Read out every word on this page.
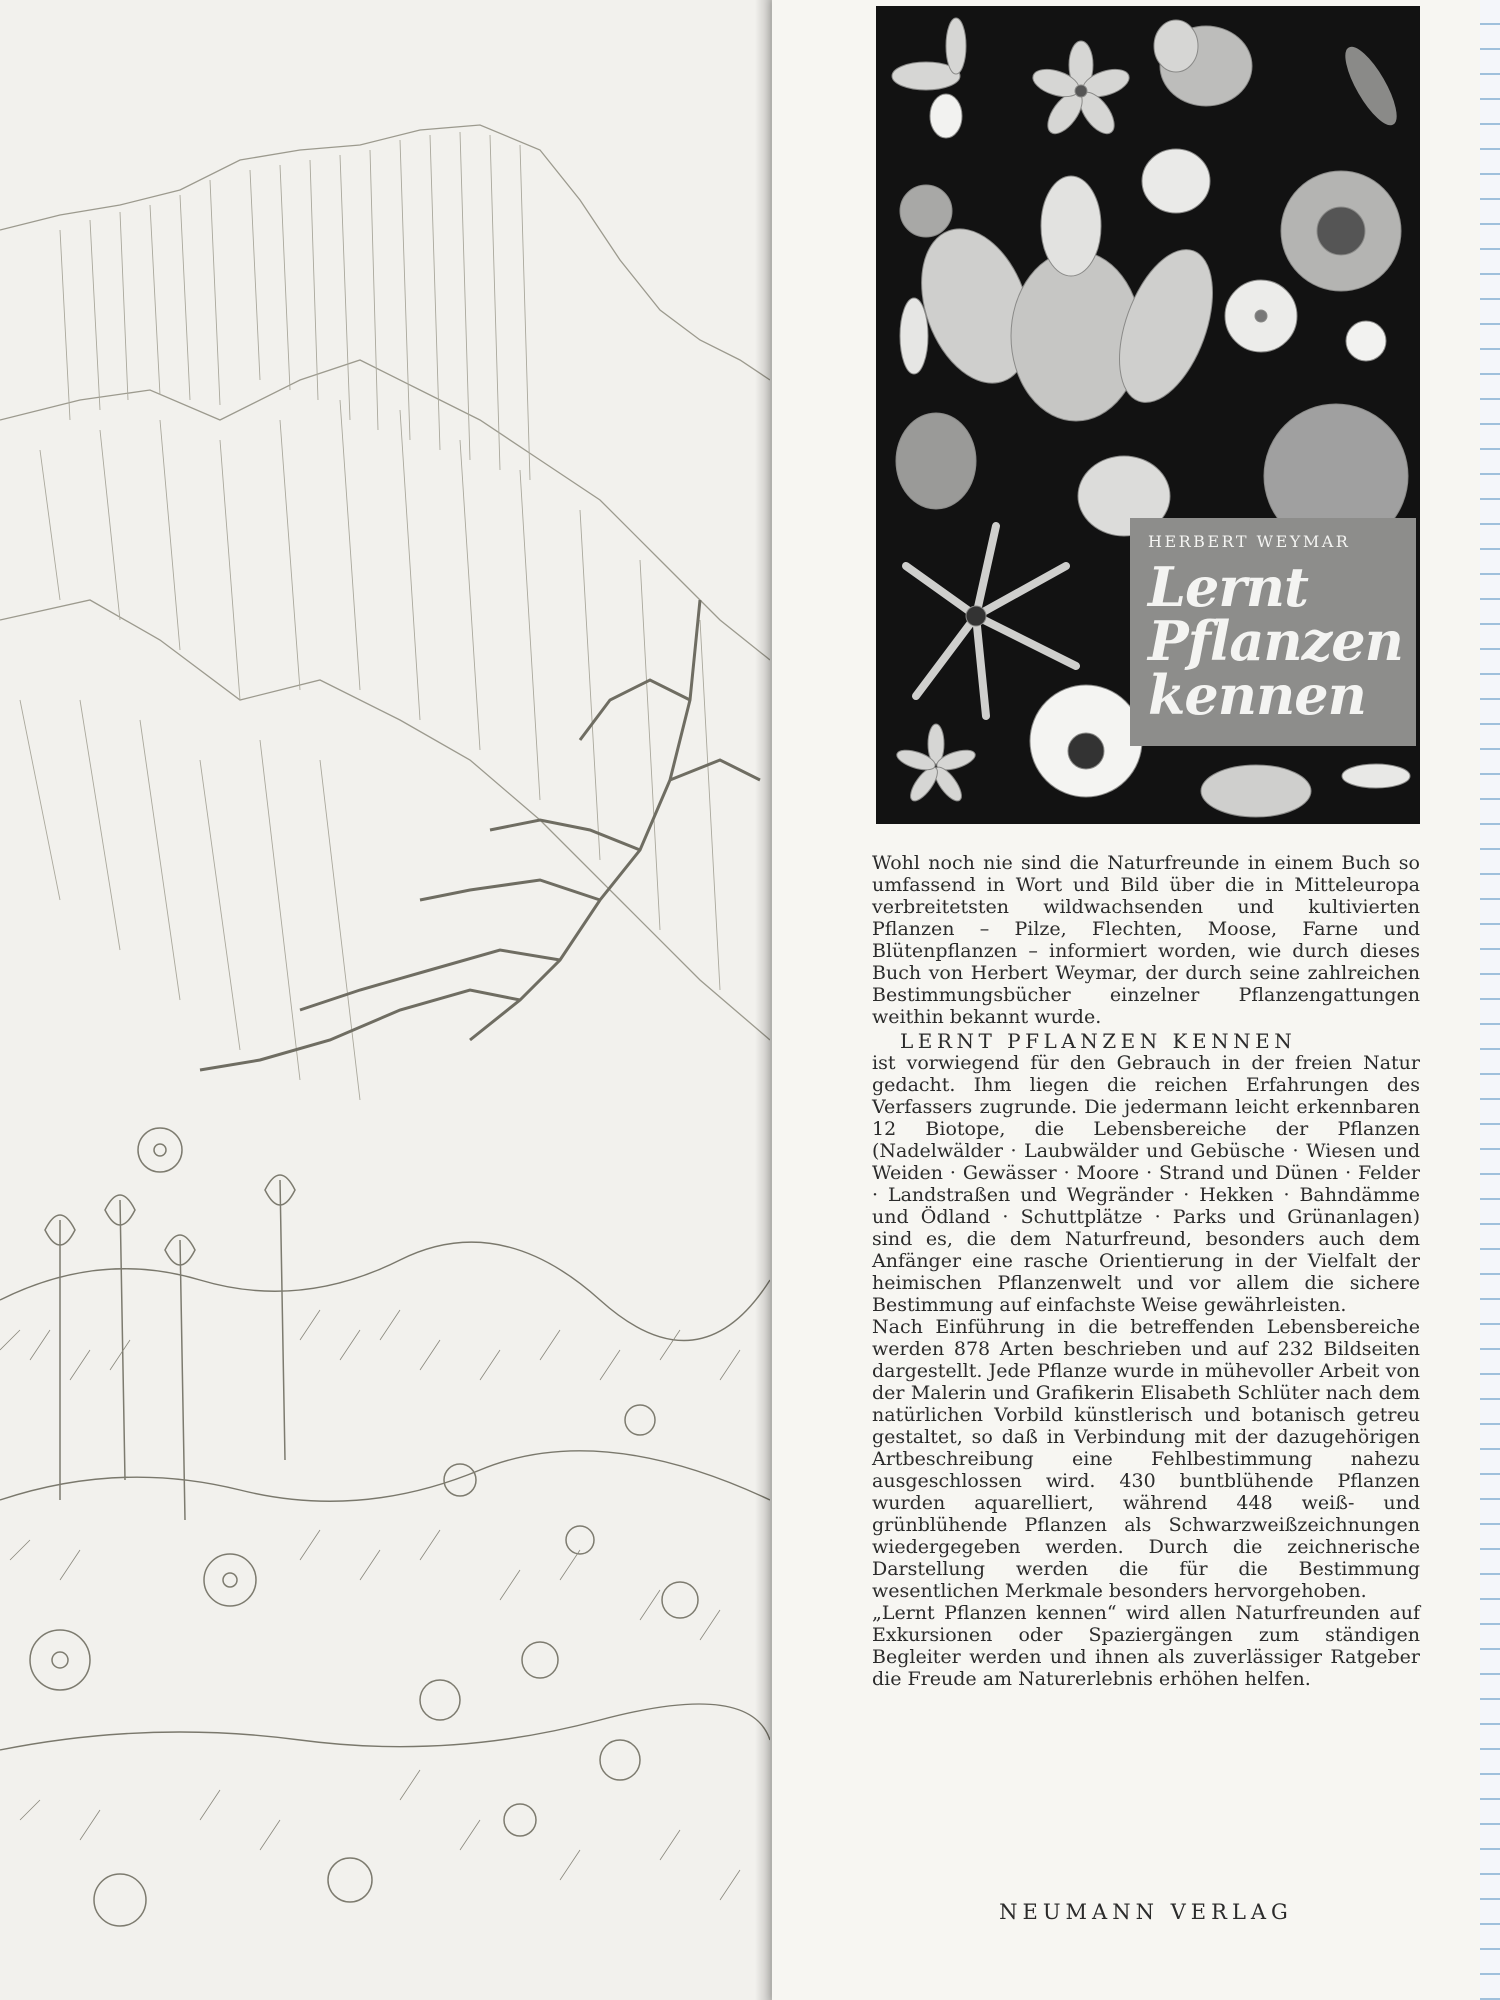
HERBERT WEYMAR
Lernt
Pflanzen
kennen

Wohl noch nie sind die Naturfreunde in einem Buch so umfassend in Wort und Bild über die in Mitteleuropa verbreitetsten wildwachsenden und kultivierten Pflanzen – Pilze, Flechten, Moose, Farne und Blütenpflanzen – informiert worden, wie durch dieses Buch von Herbert Weymar, der durch seine zahlreichen Bestimmungsbücher einzelner Pflanzengattungen weithin bekannt wurde.

LERNT PFLANZEN KENNEN

ist vorwiegend für den Gebrauch in der freien Natur gedacht. Ihm liegen die reichen Erfahrungen des Verfassers zugrunde. Die jedermann leicht erkennbaren 12 Biotope, die Lebensbereiche der Pflanzen (Nadelwälder · Laubwälder und Gebüsche · Wiesen und Weiden · Gewässer · Moore · Strand und Dünen · Felder · Landstraßen und Wegränder · Hekken · Bahndämme und Ödland · Schuttplätze · Parks und Grünanlagen) sind es, die dem Naturfreund, besonders auch dem Anfänger eine rasche Orientierung in der Vielfalt der heimischen Pflanzenwelt und vor allem die sichere Bestimmung auf einfachste Weise gewährleisten.

Nach Einführung in die betreffenden Lebensbereiche werden 878 Arten beschrieben und auf 232 Bildseiten dargestellt. Jede Pflanze wurde in mühevoller Arbeit von der Malerin und Grafikerin Elisabeth Schlüter nach dem natürlichen Vorbild künstlerisch und botanisch getreu gestaltet, so daß in Verbindung mit der dazugehörigen Artbeschreibung eine Fehlbestimmung nahezu ausgeschlossen wird. 430 buntblühende Pflanzen wurden aquarelliert, während 448 weiß- und grünblühende Pflanzen als Schwarzweißzeichnungen wiedergegeben werden. Durch die zeichnerische Darstellung werden die für die Bestimmung wesentlichen Merkmale besonders hervorgehoben.

„Lernt Pflanzen kennen“ wird allen Naturfreunden auf Exkursionen oder Spaziergängen zum ständigen Begleiter werden und ihnen als zuverlässiger Ratgeber die Freude am Naturerlebnis erhöhen helfen.

NEUMANN VERLAG
